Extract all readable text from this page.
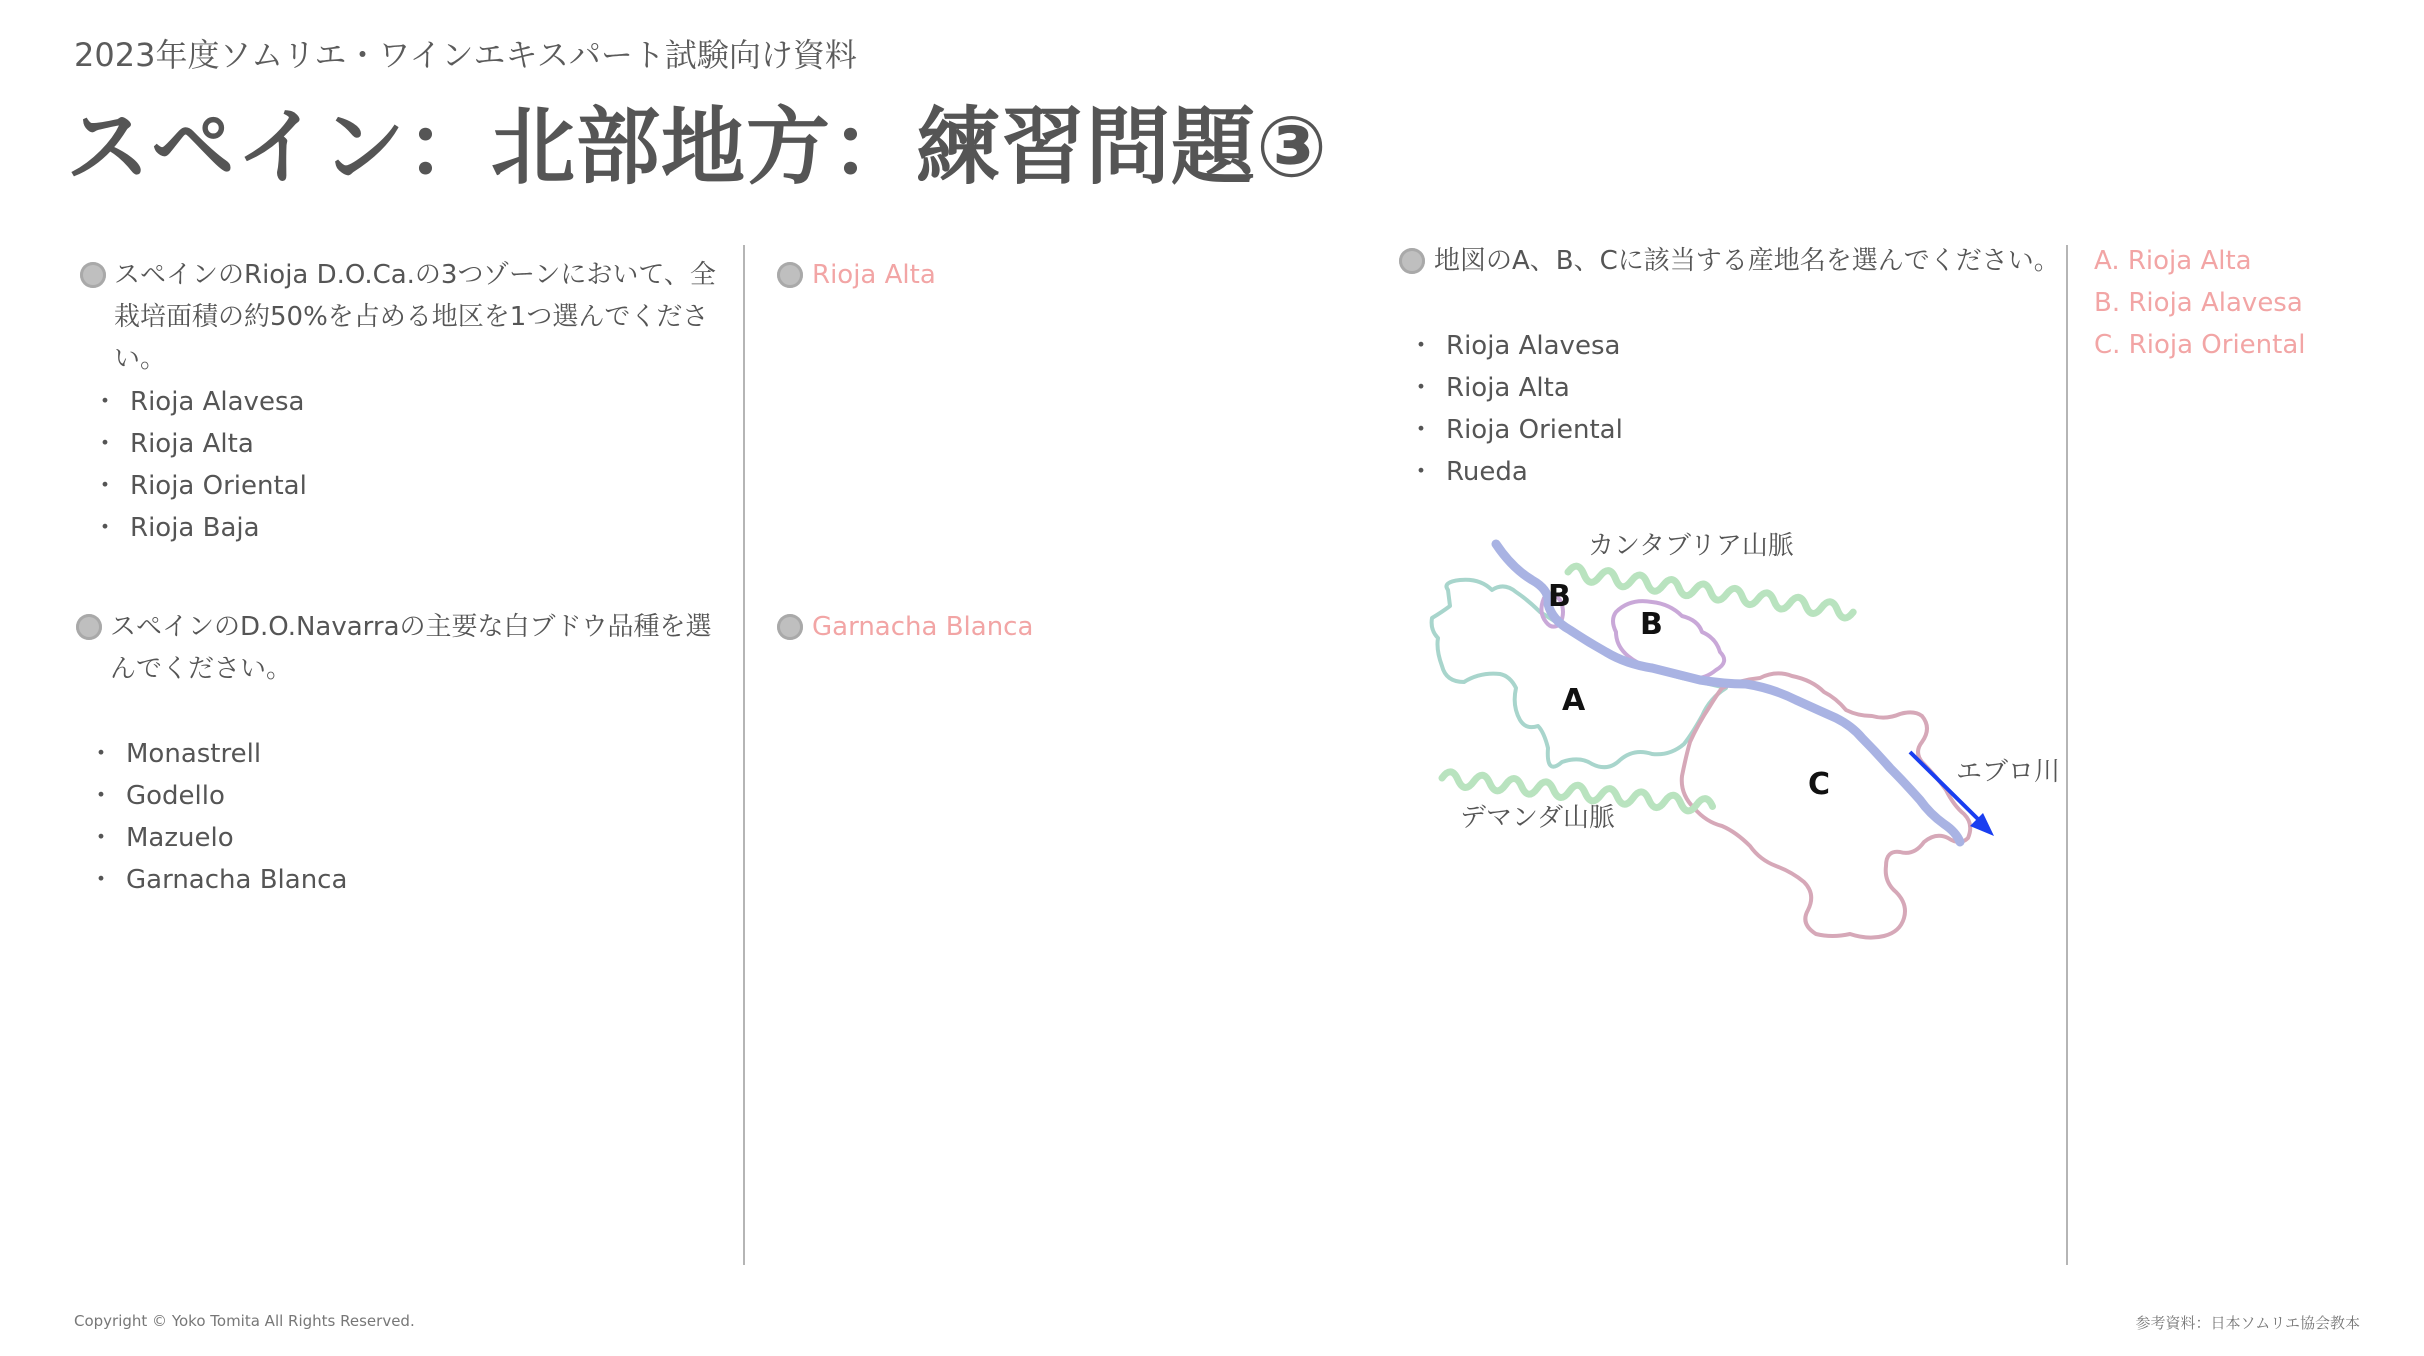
2023年度ソムリエ・ワインエキスパート試験向け資料
スペイン：北部地方：練習問題③
スペインのRioja D.O.Ca.の3つゾーンにおいて、全栽培面積の約50%を占める地区を1つ選んでください。
・ Rioja Alavesa
・ Rioja Alta
・ Rioja Oriental
・ Rioja Baja
Rioja Alta
スペインのD.O.Navarraの主要な白ブドウ品種を選んでください。
・ Monastrell
・ Godello
・ Mazuelo
・ Garnacha Blanca
Garnacha Blanca
地図のA、B、Cに該当する産地名を選んでください。
・ Rioja Alavesa
・ Rioja Alta
・ Rioja Oriental
・ Rueda
A. Rioja Alta
B. Rioja Alavesa
C. Rioja Oriental
カンタブリア山脈
デマンダ山脈
エブロ川
A
B
B
C
Copyright © Yoko Tomita All Rights Reserved.	参考資料：日本ソムリエ協会教本
